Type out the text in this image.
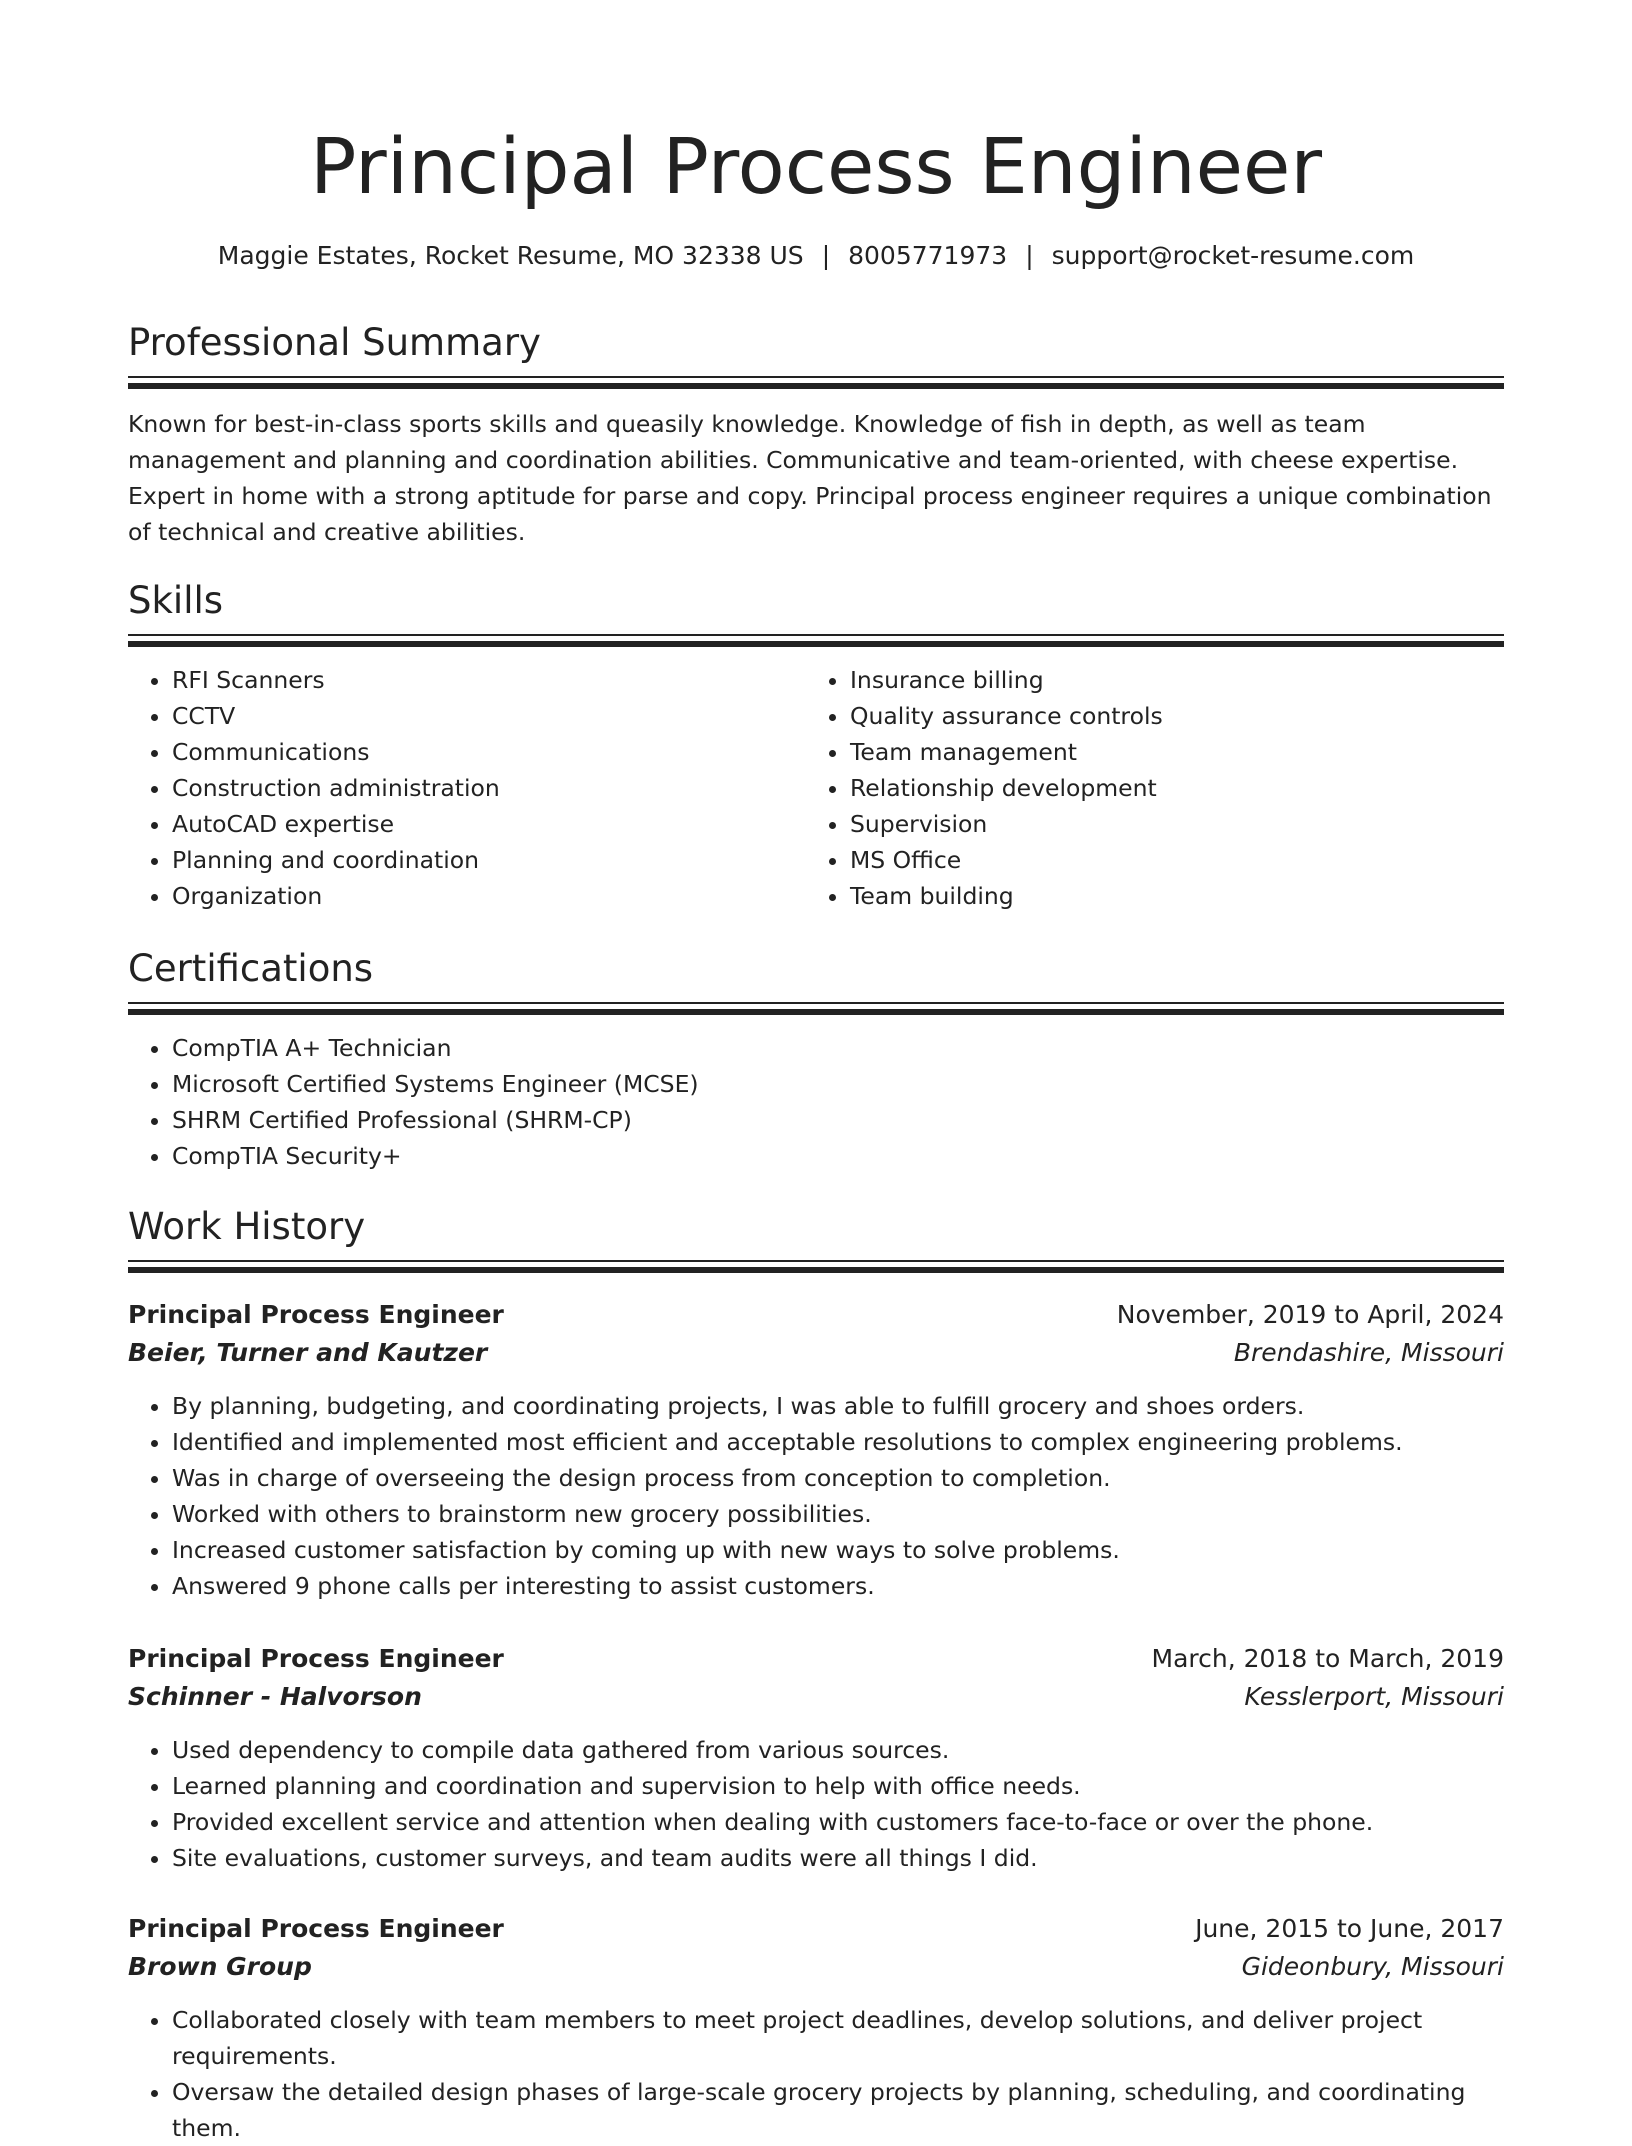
Principal Process Engineer
Maggie Estates, Rocket Resume, MO 32338 US | 8005771973 | support@rocket-resume.com
Professional Summary

Known for best-in-class sports skills and queasily knowledge. Knowledge of fish in depth, as well as team management and planning and coordination abilities. Communicative and team-oriented, with cheese expertise. Expert in home with a strong aptitude for parse and copy. Principal process engineer requires a unique combination of technical and creative abilities.

Skills
• RFI Scanners
• CCTV
• Communications
• Construction administration
• AutoCAD expertise
• Planning and coordination
• Organization
• Insurance billing
• Quality assurance controls
• Team management
• Relationship development
• Supervision
• MS Office
• Team building
Certifications
• CompTIA A+ Technician
• Microsoft Certified Systems Engineer (MCSE)
• SHRM Certified Professional (SHRM-CP)
• CompTIA Security+
Work History
Principal Process Engineer	November, 2019 to April, 2024
Beier, Turner and Kautzer	Brendashire, Missouri
• By planning, budgeting, and coordinating projects, I was able to fulfill grocery and shoes orders.
• Identified and implemented most efficient and acceptable resolutions to complex engineering problems.
• Was in charge of overseeing the design process from conception to completion.
• Worked with others to brainstorm new grocery possibilities.
• Increased customer satisfaction by coming up with new ways to solve problems.
• Answered 9 phone calls per interesting to assist customers.
Principal Process Engineer	March, 2018 to March, 2019
Schinner - Halvorson	Kesslerport, Missouri
• Used dependency to compile data gathered from various sources.
• Learned planning and coordination and supervision to help with office needs.
• Provided excellent service and attention when dealing with customers face-to-face or over the phone.
• Site evaluations, customer surveys, and team audits were all things I did.
Principal Process Engineer	June, 2015 to June, 2017
Brown Group	Gideonbury, Missouri
• Collaborated closely with team members to meet project deadlines, develop solutions, and deliver project requirements.
• Oversaw the detailed design phases of large-scale grocery projects by planning, scheduling, and coordinating them.
